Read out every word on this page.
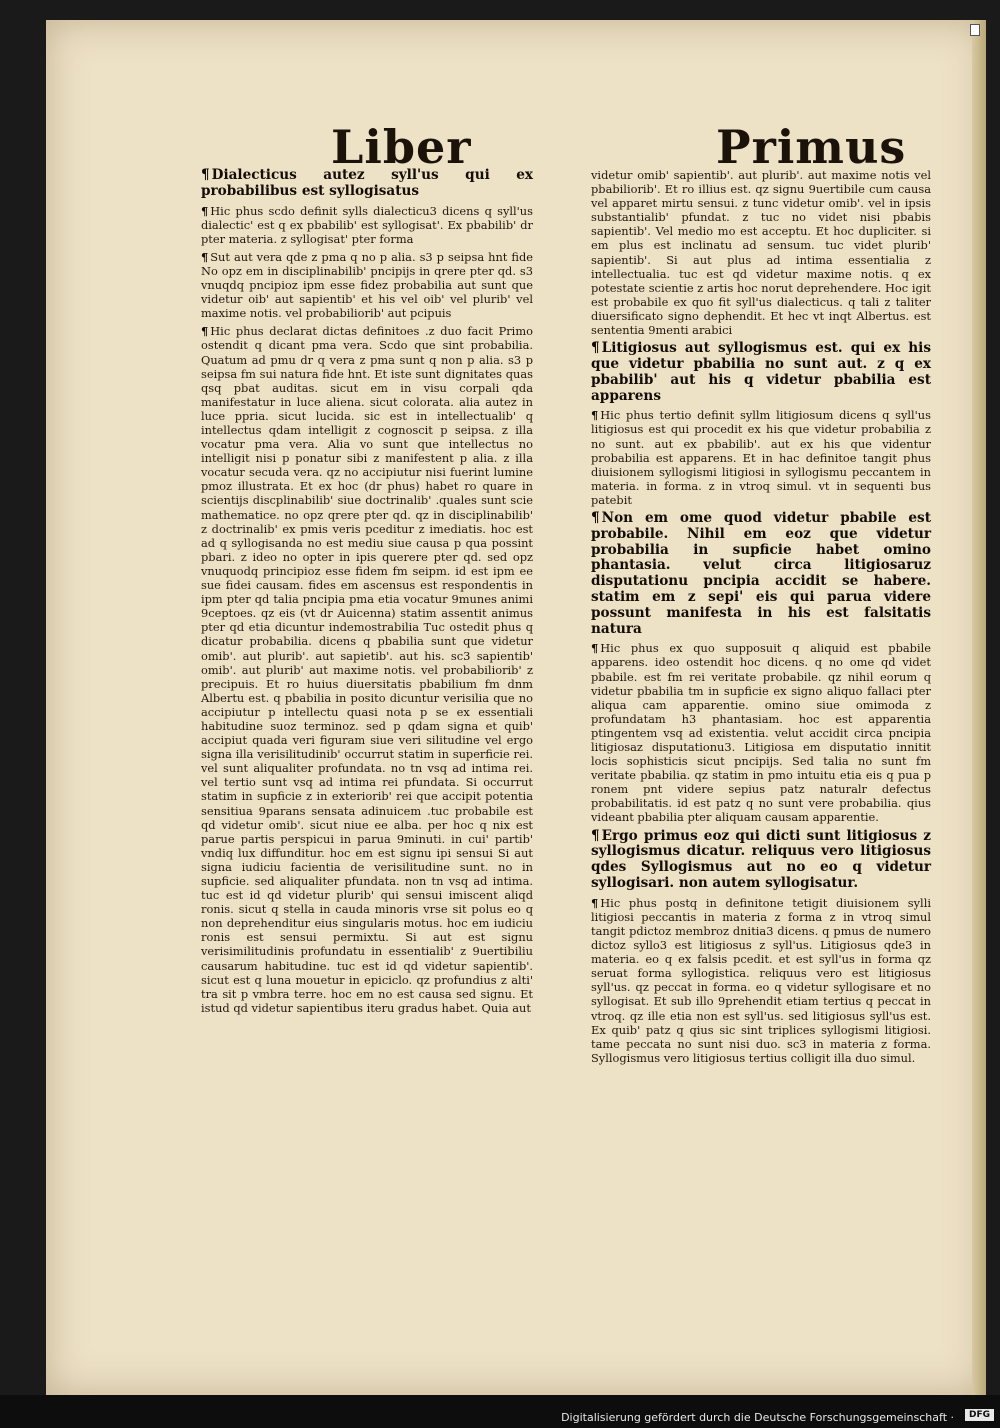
Liber	Primus

¶ Dialecticus autez syll'us qui ex probabilibus est syllogisatus

¶ Hic phus scdo definit sylls dialecticu3 dicens q syll'us dialectic' est q ex pbabilib' est syllogisat'. Ex pbabilib' dr pter materia. z syllogisat' pter forma

¶ Sut aut vera qde z pma q no p alia. s3 p seipsa hnt fide No opz em in disciplinabilib' pncipijs in qrere pter qd. s3 vnuqdq pncipioz ipm esse fidez probabilia aut sunt que videtur oib' aut sapientib' et his vel oib' vel plurib' vel maxime notis. vel probabiliorib' aut pcipuis

¶ Hic phus declarat dictas definitoes .z duo facit Primo ostendit q dicant pma vera. Scdo que sint probabilia. Quatum ad pmu dr q vera z pma sunt q non p alia. s3 p seipsa fm sui natura fide hnt. Et iste sunt dignitates quas qsq pbat auditas. sicut em in visu corpali qda manifestatur in luce aliena. sicut colorata. alia autez in luce ppria. sicut lucida. sic est in intellectualib' q intellectus qdam intelligit z cognoscit p seipsa. z illa vocatur pma vera. Alia vo sunt que intellectus no intelligit nisi p ponatur sibi z manifestent p alia. z illa vocatur secuda vera. qz no accipiutur nisi fuerint lumine pmoz illustrata. Et ex hoc (dr phus) habet ro quare in scientijs discplinabilib' siue doctrinalib' .quales sunt scie mathematice. no opz qrere pter qd. qz in disciplinabilib' z doctrinalib' ex pmis veris pceditur z imediatis. hoc est ad q syllogisanda no est mediu siue causa p qua possint pbari. z ideo no opter in ipis querere pter qd. sed opz vnuquodq principioz esse fidem fm seipm. id est ipm ee sue fidei causam. fides em ascensus est respondentis in ipm pter qd talia pncipia pma etia vocatur 9munes animi 9ceptoes. qz eis (vt dr Auicenna) statim assentit animus pter qd etia dicuntur indemostrabilia Tuc ostedit phus q dicatur probabilia. dicens q pbabilia sunt que videtur omib'. aut plurib'. aut sapietib'. aut his. sc3 sapientib' omib'. aut plurib' aut maxime notis. vel probabiliorib' z precipuis. Et ro huius diuersitatis pbabilium fm dnm Albertu est. q pbabilia in posito dicuntur verisilia que no accipiutur p intellectu quasi nota p se ex essentiali habitudine suoz terminoz. sed p qdam signa et quib' accipiut quada veri figuram siue veri silitudine vel ergo signa illa verisilitudinib' occurrut statim in superficie rei. vel sunt aliqualiter profundata. no tn vsq ad intima rei. vel tertio sunt vsq ad intima rei pfundata. Si occurrut statim in supficie z in exteriorib' rei que accipit potentia sensitiua 9parans sensata adinuicem .tuc probabile est qd videtur omib'. sicut niue ee alba. per hoc q nix est parue partis perspicui in parua 9minuti. in cui' partib' vndiq lux diffunditur. hoc em est signu ipi sensui Si aut signa iudiciu facientia de verisilitudine sunt. no in supficie. sed aliqualiter pfundata. non tn vsq ad intima. tuc est id qd videtur plurib' qui sensui imiscent aliqd ronis. sicut q stella in cauda minoris vrse sit polus eo q non deprehenditur eius singularis motus. hoc em iudiciu ronis est sensui permixtu. Si aut est signu verisimilitudinis profundatu in essentialib' z 9uertibiliu causarum habitudine. tuc est id qd videtur sapientib'. sicut est q luna mouetur in epiciclo. qz profundius z alti' tra sit p vmbra terre. hoc em no est causa sed signu. Et istud qd videtur sapientibus iteru gradus habet. Quia aut

videtur omib' sapientib'. aut plurib'. aut maxime notis vel pbabiliorib'. Et ro illius est. qz signu 9uertibile cum causa vel apparet mirtu sensui. z tunc videtur omib'. vel in ipsis substantialib' pfundat. z tuc no videt nisi pbabis sapientib'. Vel medio mo est acceptu. Et hoc dupliciter. si em plus est inclinatu ad sensum. tuc videt plurib' sapientib'. Si aut plus ad intima essentialia z intellectualia. tuc est qd videtur maxime notis. q ex potestate scientie z artis hoc norut deprehendere. Hoc igit est probabile ex quo fit syll'us dialecticus. q tali z taliter diuersificato signo dephendit. Et hec vt inqt Albertus. est sententia 9menti arabici

¶ Litigiosus aut syllogismus est. qui ex his que videtur pbabilia no sunt aut. z q ex pbabilib' aut his q videtur pbabilia est apparens

¶ Hic phus tertio definit syllm litigiosum dicens q syll'us litigiosus est qui procedit ex his que videtur probabilia z no sunt. aut ex pbabilib'. aut ex his que videntur probabilia est apparens. Et in hac definitoe tangit phus diuisionem syllogismi litigiosi in syllogismu peccantem in materia. in forma. z in vtroq simul. vt in sequenti bus patebit

¶ Non em ome quod videtur pbabile est probabile. Nihil em eoz que videtur probabilia in supficie habet omino phantasia. velut circa litigiosaruz disputationu pncipia accidit se habere. statim em z sepi' eis qui parua videre possunt manifesta in his est falsitatis natura

¶ Hic phus ex quo supposuit q aliquid est pbabile apparens. ideo ostendit hoc dicens. q no ome qd videt pbabile. est fm rei veritate probabile. qz nihil eorum q videtur pbabilia tm in supficie ex signo aliquo fallaci pter aliqua cam apparentie. omino siue omimoda z profundatam h3 phantasiam. hoc est apparentia ptingentem vsq ad existentia. velut accidit circa pncipia litigiosaz disputationu3. Litigiosa em disputatio innitit locis sophisticis sicut pncipijs. Sed talia no sunt fm veritate pbabilia. qz statim in pmo intuitu etia eis q pua p ronem pnt videre sepius patz naturalr defectus probabilitatis. id est patz q no sunt vere probabilia. qius videant pbabilia pter aliquam causam apparentie.

¶ Ergo primus eoz qui dicti sunt litigiosus z syllogismus dicatur. reliquus vero litigiosus qdes Syllogismus aut no eo q videtur syllogisari. non autem syllogisatur.

¶ Hic phus postq in definitone tetigit diuisionem sylli litigiosi peccantis in materia z forma z in vtroq simul tangit pdictoz membroz dnitia3 dicens. q pmus de numero dictoz syllo3 est litigiosus z syll'us. Litigiosus qde3 in materia. eo q ex falsis pcedit. et est syll'us in forma qz seruat forma syllogistica. reliquus vero est litigiosus syll'us. qz peccat in forma. eo q videtur syllogisare et no syllogisat. Et sub illo 9prehendit etiam tertius q peccat in vtroq. qz ille etia non est syll'us. sed litigiosus syll'us est. Ex quib' patz q qius sic sint triplices syllogismi litigiosi. tame peccata no sunt nisi duo. sc3 in materia z forma. Syllogismus vero litigiosus tertius colligit illa duo simul.

Digitalisierung gefördert durch die Deutsche Forschungsgemeinschaft ·	DFG
